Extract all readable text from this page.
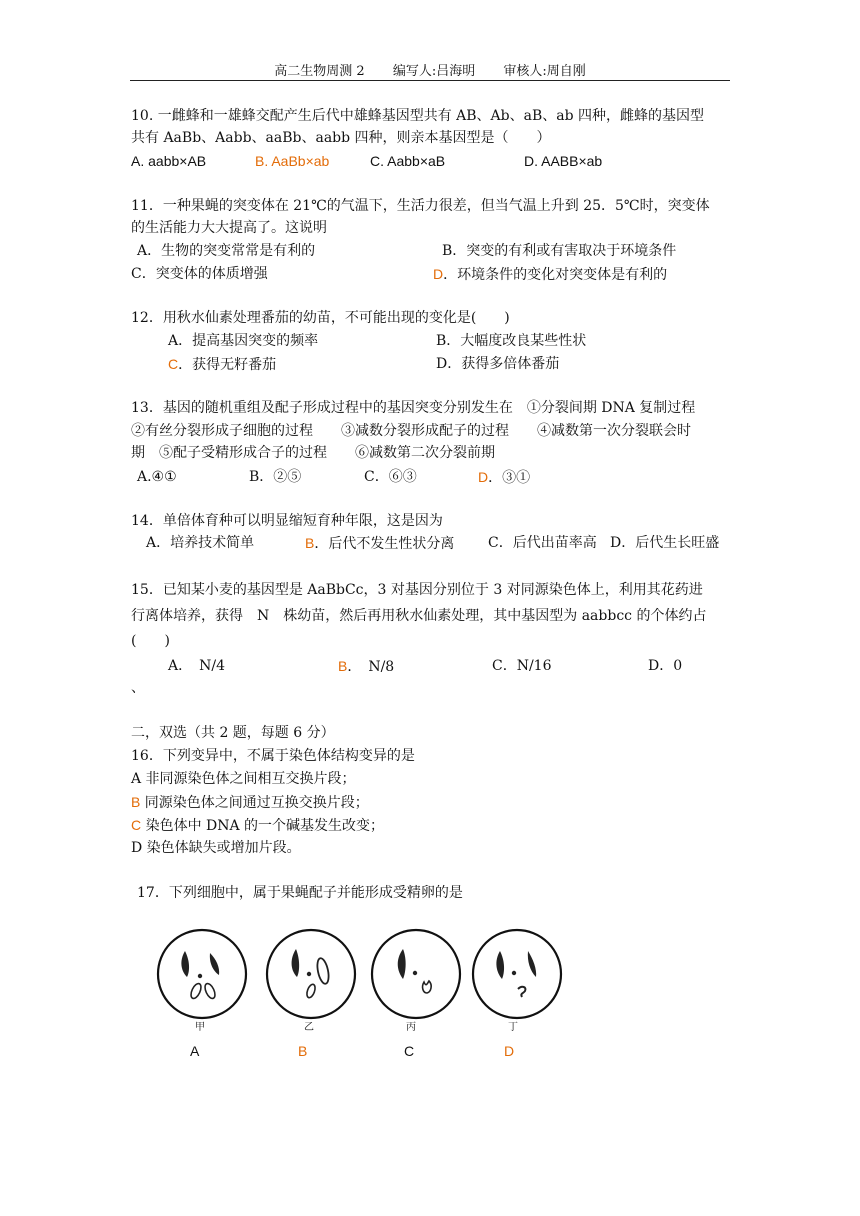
高二生物周测 2 编写人:吕海明 审核人:周自刚
10. 一雌蜂和一雄蜂交配产生后代中雄蜂基因型共有 AB、Ab、aB、ab 四种，雌蜂的基因型
共有 AaBb、Aabb、aaBb、aabb 四种，则亲本基因型是（　　）
A. aabb×AB	B. AaBb×ab	C. Aabb×aB	D. AABB×ab
11．一种果蝇的突变体在 21℃的气温下，生活力很差，但当气温上升到 25．5℃时，突变体
的生活能力大大提高了。这说明
A．生物的突变常常是有利的	B．突变的有利或有害取决于环境条件
C．突变体的体质增强	D．环境条件的变化对突变体是有利的
12．用秋水仙素处理番茄的幼苗，不可能出现的变化是(　　)
A．提高基因突变的频率	B．大幅度改良某些性状
C．获得无籽番茄	D．获得多倍体番茄
13．基因的随机重组及配子形成过程中的基因突变分别发生在　①分裂间期 DNA 复制过程
②有丝分裂形成子细胞的过程　　③减数分裂形成配子的过程　　④减数第一次分裂联会时
期　⑤配子受精形成合子的过程　　⑥减数第二次分裂前期
A.④①	B．②⑤	C．⑥③	D．③①
14．单倍体育种可以明显缩短育种年限，这是因为
A．培养技术简单	B．后代不发生性状分离 C．后代出苗率高 D．后代生长旺盛
15．已知某小麦的基因型是 AaBbCc，3 对基因分别位于 3 对同源染色体上，利用其花药进
行离体培养，获得　N　株幼苗，然后再用秋水仙素处理，其中基因型为 aabbcc 的个体约占
(　　)
A．　N/4	B．　N/8	C．N/16	D．0
、
二，双选（共 2 题，每题 6 分）
16．下列变异中，不属于染色体结构变异的是
A 非同源染色体之间相互交换片段；
B 同源染色体之间通过互换交换片段；
C 染色体中 DNA 的一个碱基发生改变；
D 染色体缺失或增加片段。
17．下列细胞中，属于果蝇配子并能形成受精卵的是
甲
A
乙
B
丙
C
丁
D
